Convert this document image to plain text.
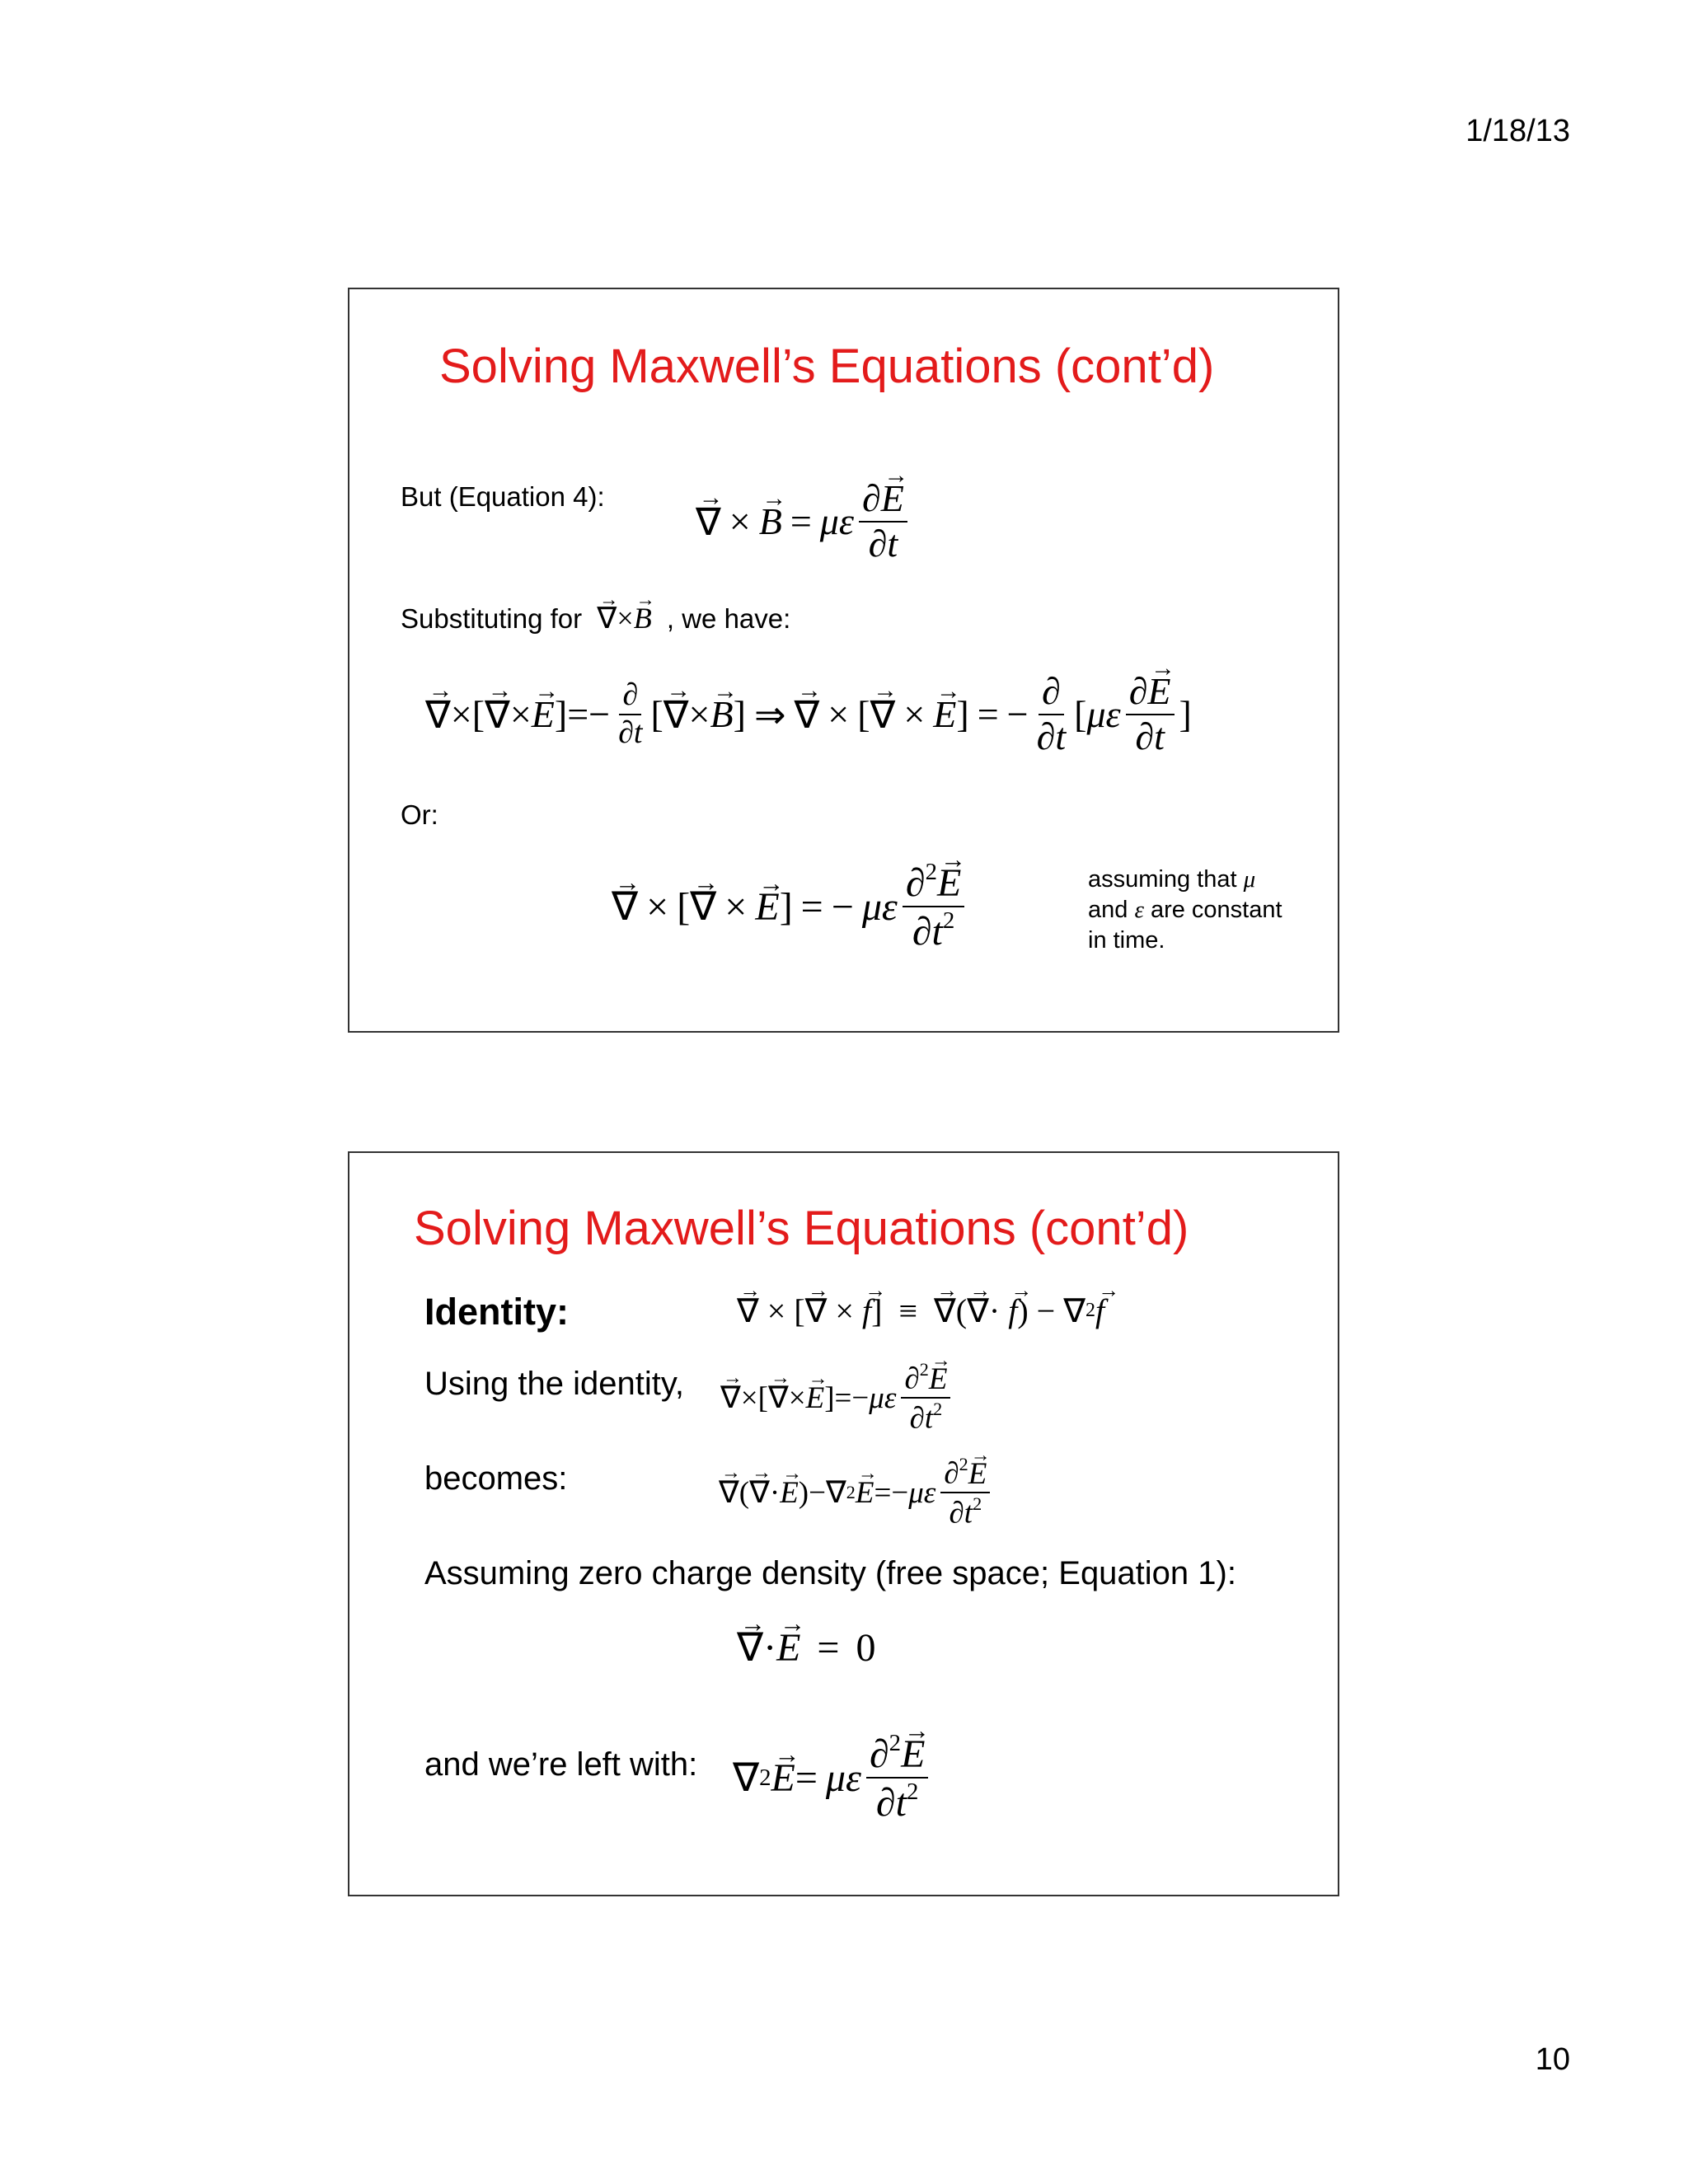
1/18/13
Solving Maxwell’s Equations (cont’d)
But (Equation 4):
→ ∇ × → B = με $\frac{\partial\to E}{\partial t}$
Substituting for → ∇×→ B , we have:
→ ∇ ×[ → ∇ × → E ]=− $\frac{\partial}{\partial t}$ [ → ∇ × → B ]
⇒ → ∇ × [ → ∇ × → E ] = − $\frac{\partial}{\partial t}$ [ με $\frac{\partial\to E}{\partial t}$ ]
Or:
→ ∇ × [ → ∇ × → E ] = − με $\frac{\partial^2\to E}{\partial t^2}$	assuming that μ
and ε are constant
in time.
Solving Maxwell’s Equations (cont’d)
Identity:	→ ∇ × [ → ∇ × → f ] ≡ → ∇ ( → ∇ · → f ) − ∇ 2 → f
Using the identity, → ∇ ×[ → ∇ × → E ]=− με $\frac{\partial^2\to E}{\partial t^2}$
becomes:	→ ∇ ( → ∇ · → E )−∇ 2 → E =− με $\frac{\partial^2\to E}{\partial t^2}$
Assuming zero charge density (free space; Equation 1):
→ ∇ · → E = 0
and we’re left with: ∇ 2 → E = με $\frac{\partial^2\to E}{\partial t^2}$
10
